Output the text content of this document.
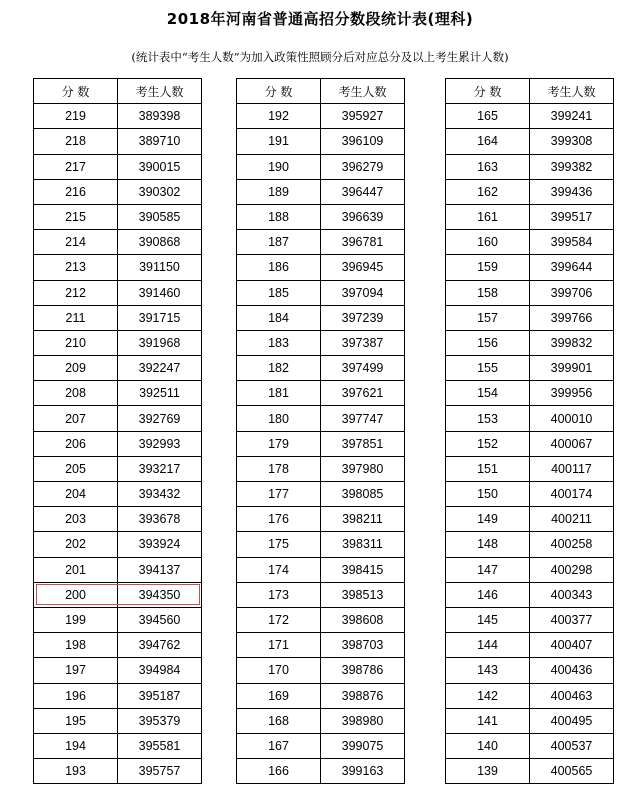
2018年河南省普通高招分数段统计表(理科)
(统计表中“考生人数”为加入政策性照顾分后对应总分及以上考生累计人数)
分 数	考生人数
219	389398
218	389710
217	390015
216	390302
215	390585
214	390868
213	391150
212	391460
211	391715
210	391968
209	392247
208	392511
207	392769
206	392993
205	393217
204	393432
203	393678
202	393924
201	394137
200	394350
199	394560
198	394762
197	394984
196	395187
195	395379
194	395581
193	395757
分 数	考生人数
192	395927
191	396109
190	396279
189	396447
188	396639
187	396781
186	396945
185	397094
184	397239
183	397387
182	397499
181	397621
180	397747
179	397851
178	397980
177	398085
176	398211
175	398311
174	398415
173	398513
172	398608
171	398703
170	398786
169	398876
168	398980
167	399075
166	399163
分 数	考生人数
165	399241
164	399308
163	399382
162	399436
161	399517
160	399584
159	399644
158	399706
157	399766
156	399832
155	399901
154	399956
153	400010
152	400067
151	400117
150	400174
149	400211
148	400258
147	400298
146	400343
145	400377
144	400407
143	400436
142	400463
141	400495
140	400537
139	400565
